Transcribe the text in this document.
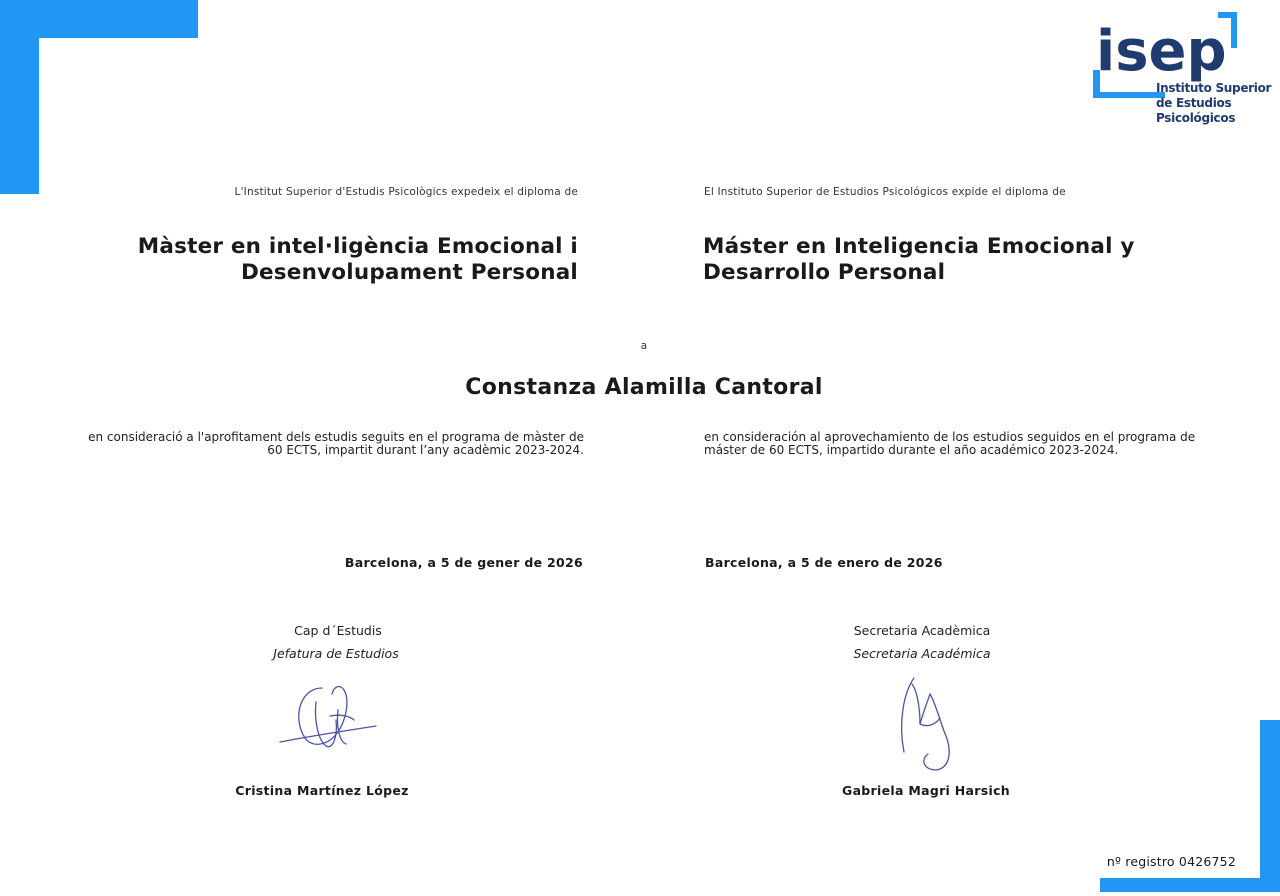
isep
Instituto Superior
de Estudios
Psicológicos
L'Institut Superior d'Estudis Psicològics expedeix el diploma de
Màster en intel·ligència Emocional i
Desenvolupament Personal
en consideració a l'aprofitament dels estudis seguits en el programa de màster de
60 ECTS, impartit durant l’any acadèmic 2023-2024.
Barcelona, a 5 de gener de 2026
El Instituto Superior de Estudios Psicológicos expide el diploma de
Máster en Inteligencia Emocional y
Desarrollo Personal
en consideración al aprovechamiento de los estudios seguidos en el programa de
máster de 60 ECTS, impartido durante el año académico 2023-2024.
Barcelona, a 5 de enero de 2026
a
Constanza Alamilla Cantoral
Cap d´Estudis
Jefatura de Estudios
Cristina Martínez López
Secretaria Acadèmica
Secretaria Académica
Gabriela Magri Harsich
nº registro 0426752
